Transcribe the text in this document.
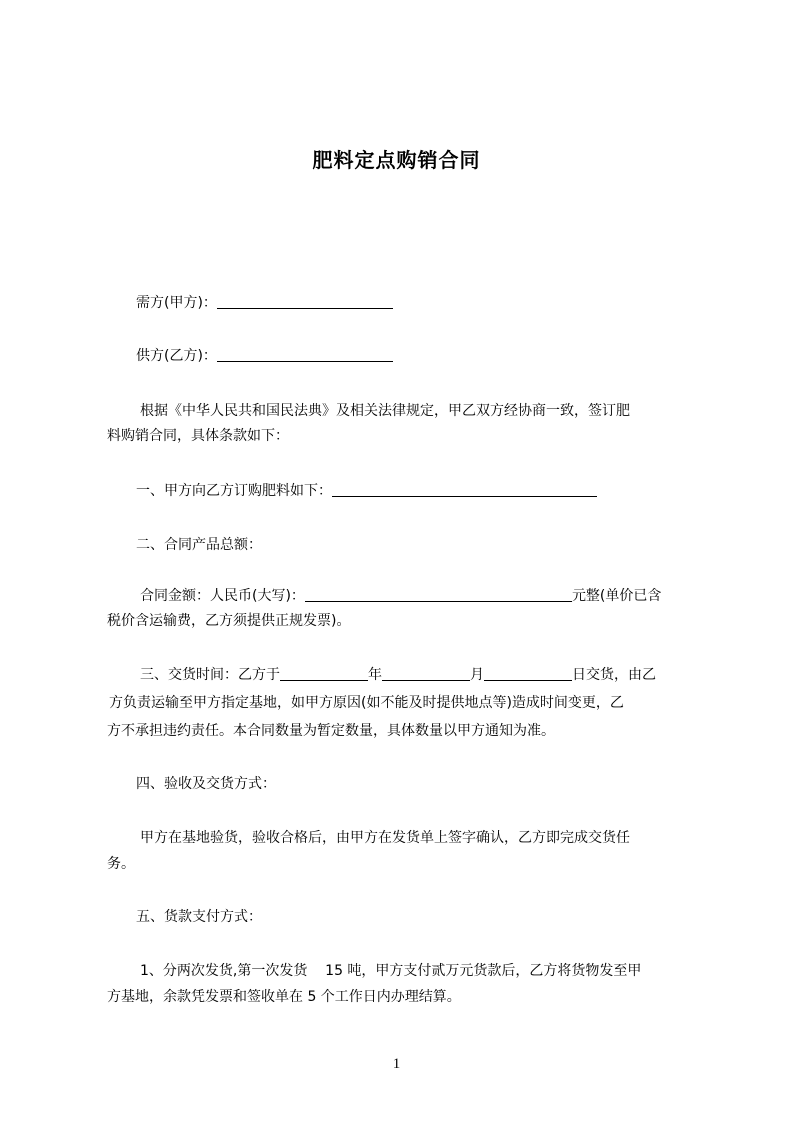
肥料定点购销合同
需方(甲方)：
供方(乙方)：
根据《中华人民共和国民法典》及相关法律规定，甲乙双方经协商一致，签订肥
料购销合同，具体条款如下：
一、甲方向乙方订购肥料如下：
二、合同产品总额：
合同金额：人民币(大写)：	元整(单价已含
税价含运输费，乙方须提供正规发票)。
三、交货时间：乙方于	年	月	日交货，由乙
方负责运输至甲方指定基地，如甲方原因(如不能及时提供地点等)造成时间变更，乙
方不承担违约责任。本合同数量为暂定数量，具体数量以甲方通知为准。
四、验收及交货方式：
甲方在基地验货，验收合格后，由甲方在发货单上签字确认，乙方即完成交货任
务。
五、货款支付方式：
1、分两次发货,第一次发货    15 吨，甲方支付贰万元货款后，乙方将货物发至甲
方基地，余款凭发票和签收单在 5 个工作日内办理结算。
1
